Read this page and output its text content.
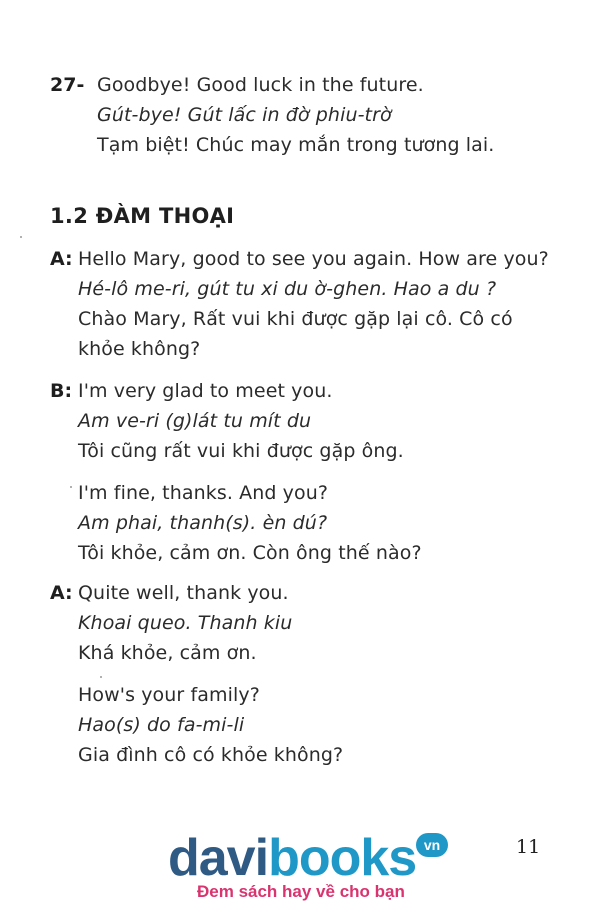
27- Goodbye! Good luck in the future.
Gút-bye! Gút lấc in đờ phiu-trờ
Tạm biệt! Chúc may mắn trong tương lai.
1.2 ĐÀM THOẠI
A: Hello Mary, good to see you again. How are you?
Hé-lô me-ri, gút tu xi du ờ-ghen. Hao a du ?
Chào Mary, Rất vui khi được gặp lại cô. Cô có
khỏe không?
B: I'm very glad to meet you.
Am ve-ri (g)lát tu mít du
Tôi cũng rất vui khi được gặp ông.
I'm fine, thanks. And you?
Am phai, thanh(s). èn dú?
Tôi khỏe, cảm ơn. Còn ông thế nào?
A: Quite well, thank you.
Khoai queo. Thanh kiu
Khá khỏe, cảm ơn.
How's your family?
Hao(s) do fa-mi-li
Gia đình cô có khỏe không?
11
davibooks vn
Đem sách hay về cho bạn
